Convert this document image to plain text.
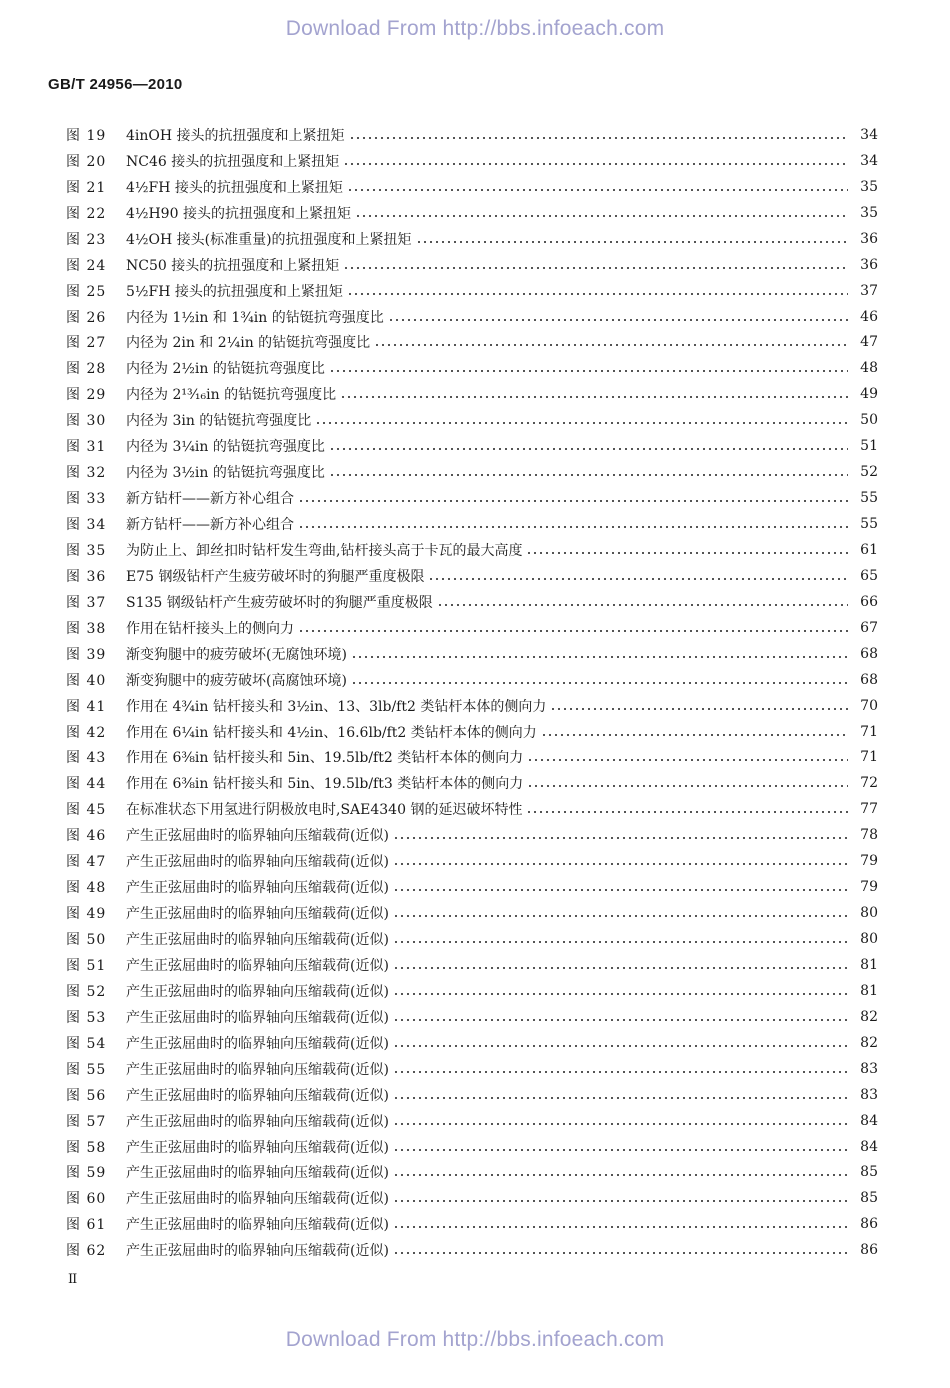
Download From http://bbs.infoeach.com
GB/T 24956—2010
图 19	4inOH 接头的抗扭强度和上紧扭矩	34
图 20	NC46 接头的抗扭强度和上紧扭矩	34
图 21	4½FH 接头的抗扭强度和上紧扭矩	35
图 22	4½H90 接头的抗扭强度和上紧扭矩	35
图 23	4½OH 接头(标准重量)的抗扭强度和上紧扭矩	36
图 24	NC50 接头的抗扭强度和上紧扭矩	36
图 25	5½FH 接头的抗扭强度和上紧扭矩	37
图 26	内径为 1½in 和 1¾in 的钻铤抗弯强度比	46
图 27	内径为 2in 和 2¼in 的钻铤抗弯强度比	47
图 28	内径为 2½in 的钻铤抗弯强度比	48
图 29	内径为 2¹³⁄₁₆in 的钻铤抗弯强度比	49
图 30	内径为 3in 的钻铤抗弯强度比	50
图 31	内径为 3¼in 的钻铤抗弯强度比	51
图 32	内径为 3½in 的钻铤抗弯强度比	52
图 33	新方钻杆——新方补心组合	55
图 34	新方钻杆——新方补心组合	55
图 35	为防止上、卸丝扣时钻杆发生弯曲,钻杆接头高于卡瓦的最大高度	61
图 36	E75 钢级钻杆产生疲劳破坏时的狗腿严重度极限	65
图 37	S135 钢级钻杆产生疲劳破坏时的狗腿严重度极限	66
图 38	作用在钻杆接头上的侧向力	67
图 39	渐变狗腿中的疲劳破坏(无腐蚀环境)	68
图 40	渐变狗腿中的疲劳破坏(高腐蚀环境)	68
图 41	作用在 4¾in 钻杆接头和 3½in、13、3lb/ft2 类钻杆本体的侧向力	70
图 42	作用在 6¼in 钻杆接头和 4½in、16.6lb/ft2 类钻杆本体的侧向力	71
图 43	作用在 6⅜in 钻杆接头和 5in、19.5lb/ft2 类钻杆本体的侧向力	71
图 44	作用在 6⅜in 钻杆接头和 5in、19.5lb/ft3 类钻杆本体的侧向力	72
图 45	在标准状态下用氢进行阴极放电时,SAE4340 钢的延迟破坏特性	77
图 46	产生正弦屈曲时的临界轴向压缩载荷(近似)	78
图 47	产生正弦屈曲时的临界轴向压缩载荷(近似)	79
图 48	产生正弦屈曲时的临界轴向压缩载荷(近似)	79
图 49	产生正弦屈曲时的临界轴向压缩载荷(近似)	80
图 50	产生正弦屈曲时的临界轴向压缩载荷(近似)	80
图 51	产生正弦屈曲时的临界轴向压缩载荷(近似)	81
图 52	产生正弦屈曲时的临界轴向压缩载荷(近似)	81
图 53	产生正弦屈曲时的临界轴向压缩载荷(近似)	82
图 54	产生正弦屈曲时的临界轴向压缩载荷(近似)	82
图 55	产生正弦屈曲时的临界轴向压缩载荷(近似)	83
图 56	产生正弦屈曲时的临界轴向压缩载荷(近似)	83
图 57	产生正弦屈曲时的临界轴向压缩载荷(近似)	84
图 58	产生正弦屈曲时的临界轴向压缩载荷(近似)	84
图 59	产生正弦屈曲时的临界轴向压缩载荷(近似)	85
图 60	产生正弦屈曲时的临界轴向压缩载荷(近似)	85
图 61	产生正弦屈曲时的临界轴向压缩载荷(近似)	86
图 62	产生正弦屈曲时的临界轴向压缩载荷(近似)	86
II
Download From http://bbs.infoeach.com
